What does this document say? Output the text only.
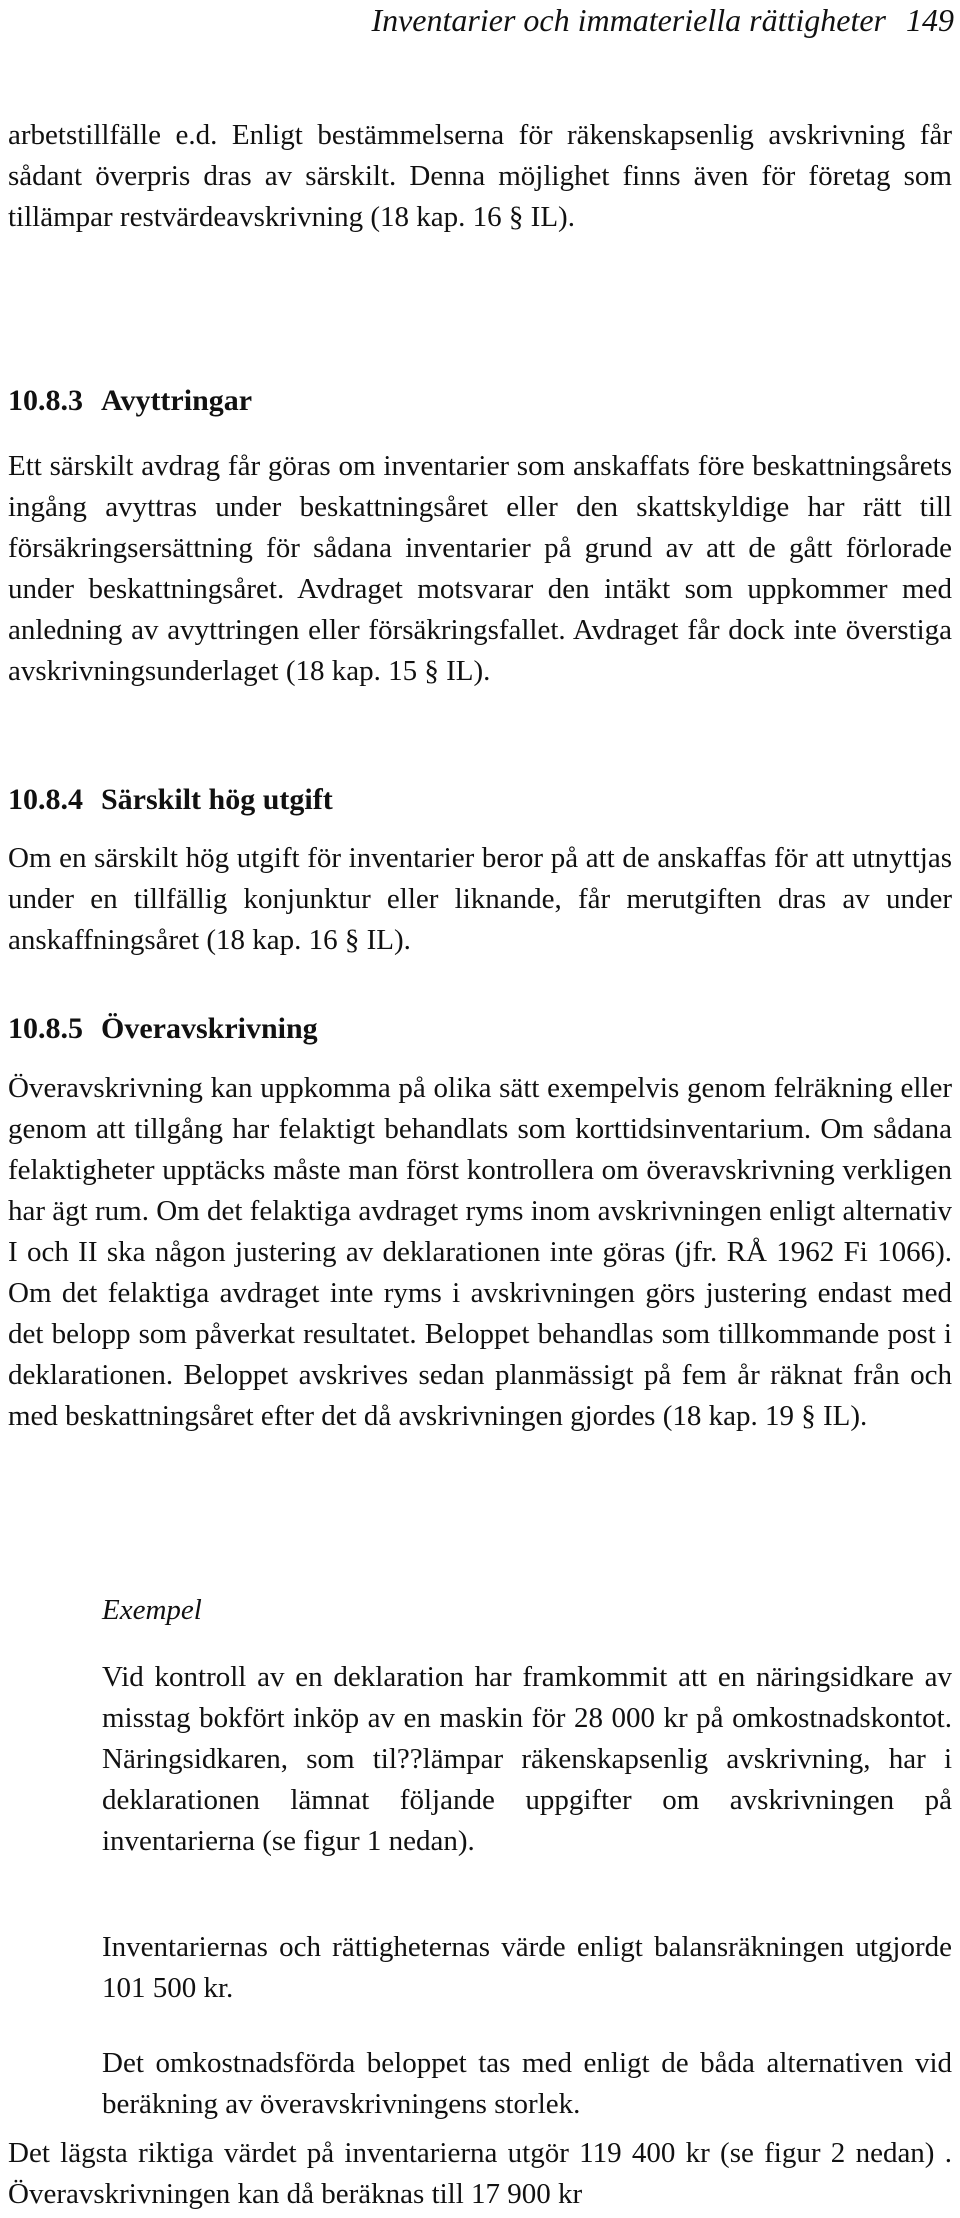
Inventarier och immateriella rättigheter 149

arbetstillfälle e.d. Enligt bestämmelserna för räkenskapsenlig avskrivning får sådant överpris dras av särskilt. Denna möjlighet finns även för företag som tillämpar restvärdeavskrivning (18 kap. 16 § IL).

10.8.3 Avyttringar

Ett särskilt avdrag får göras om inventarier som anskaffats före beskattningsårets ingång avyttras under beskattningsåret eller den skattskyldige har rätt till försäkringsersättning för sådana inventarier på grund av att de gått förlorade under beskattningsåret. Avdraget motsvarar den intäkt som uppkommer med anledning av avyttringen eller försäkringsfallet. Avdraget får dock inte överstiga avskrivningsunderlaget (18 kap. 15 § IL).

10.8.4 Särskilt hög utgift

Om en särskilt hög utgift för inventarier beror på att de anskaffas för att utnyttjas under en tillfällig konjunktur eller liknande, får merutgiften dras av under anskaffningsåret (18 kap. 16 § IL).

10.8.5 Överavskrivning

Överavskrivning kan uppkomma på olika sätt exempelvis genom felräkning eller genom att tillgång har felaktigt behandlats som korttidsinventarium. Om sådana felaktigheter upptäcks måste man först kontrollera om överavskrivning verkligen har ägt rum. Om det felaktiga avdraget ryms inom avskrivningen enligt alternativ I och II ska någon justering av deklarationen inte göras (jfr. RÅ 1962 Fi 1066). Om det felaktiga avdraget inte ryms i avskrivningen görs justering endast med det belopp som påverkat resultatet. Beloppet behandlas som tillkommande post i deklarationen. Beloppet avskrives sedan planmässigt på fem år räknat från och med beskattningsåret efter det då avskrivningen gjordes (18 kap. 19 § IL).

Exempel

Vid kontroll av en deklaration har framkommit att en näringsidkare av misstag bokfört inköp av en maskin för 28 000 kr på omkostnadskontot. Näringsidkaren, som til??lämpar räkenskapsenlig avskrivning, har i deklarationen lämnat följande uppgifter om avskrivningen på inventarierna (se figur 1 nedan).

Inventariernas och rättigheternas värde enligt balansräkningen utgjorde 101 500 kr.

Det omkostnadsförda beloppet tas med enligt de båda alternativen vid beräkning av överavskrivningens storlek.

Det lägsta riktiga värdet på inventarierna utgör 119 400 kr (se figur 2 nedan) . Överavskrivningen kan då beräknas till 17 900 kr
